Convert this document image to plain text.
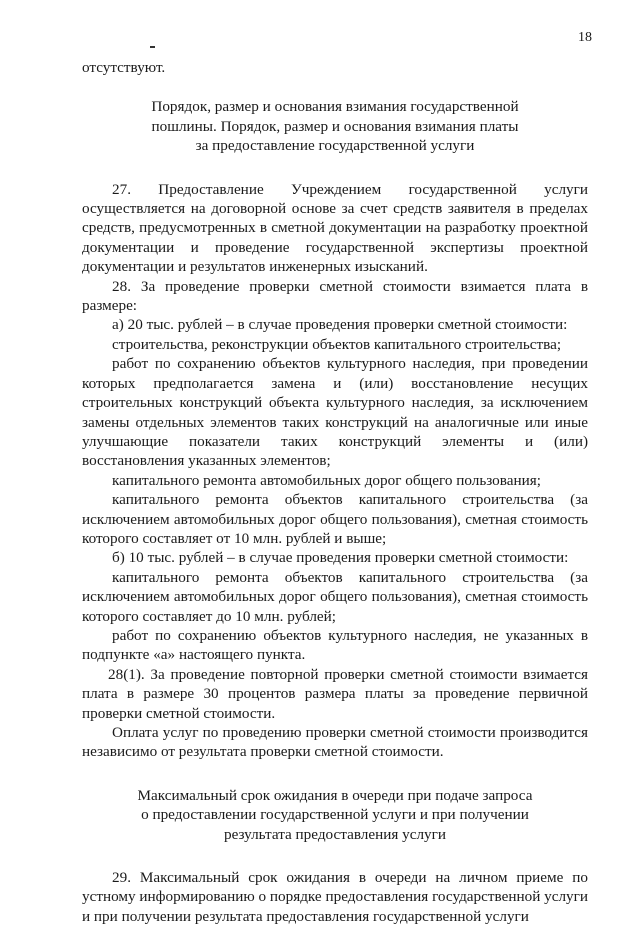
18

отсутствуют.

Порядок, размер и основания взимания государственной

пошлины. Порядок, размер и основания взимания платы

за предоставление государственной услуги

27. Предоставление Учреждением государственной услуги осуществляется на договорной основе за счет средств заявителя в пределах средств, предусмотренных в сметной документации на разработку проектной документации и проведение государственной экспертизы проектной документации и результатов инженерных изысканий.

28. За проведение проверки сметной стоимости взимается плата в размере:

а) 20 тыс. рублей – в случае проведения проверки сметной стоимости:

строительства, реконструкции объектов капитального строительства;

работ по сохранению объектов культурного наследия, при проведении которых предполагается замена и (или) восстановление несущих строительных конструкций объекта культурного наследия, за исключением замены отдельных элементов таких конструкций на аналогичные или иные улучшающие показатели таких конструкций элементы и (или) восстановления указанных элементов;

капитального ремонта автомобильных дорог общего пользования;

капитального ремонта объектов капитального строительства (за исключением автомобильных дорог общего пользования), сметная стоимость которого составляет от 10 млн. рублей и выше;

б) 10 тыс. рублей – в случае проведения проверки сметной стоимости:

капитального ремонта объектов капитального строительства (за исключением автомобильных дорог общего пользования), сметная стоимость которого составляет до 10 млн. рублей;

работ по сохранению объектов культурного наследия, не указанных в подпункте «а» настоящего пункта.

28(1). За проведение повторной проверки сметной стоимости взимается плата в размере 30 процентов размера платы за проведение первичной проверки сметной стоимости.

Оплата услуг по проведению проверки сметной стоимости производится независимо от результата проверки сметной стоимости.

Максимальный срок ожидания в очереди при подаче запроса

о предоставлении государственной услуги и при получении

результата предоставления услуги

29. Максимальный срок ожидания в очереди на личном приеме по устному информированию о порядке предоставления государственной услуги и при получении результата предоставления государственной услуги
